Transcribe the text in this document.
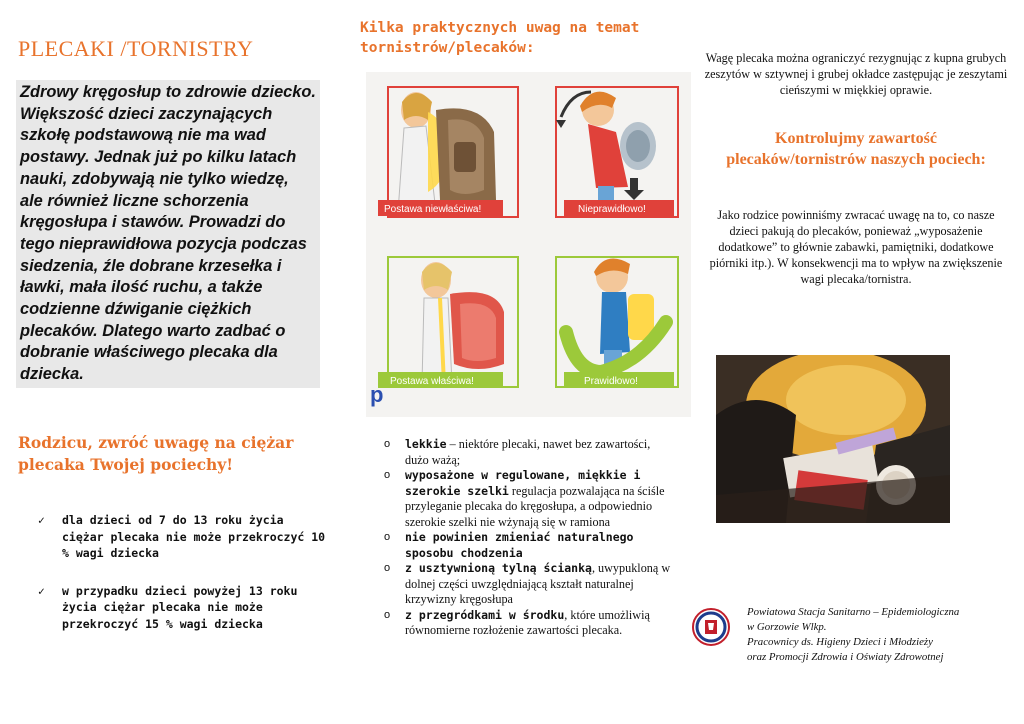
PLECAKI /TORNISTRY
Zdrowy kręgosłup to zdrowie dziecko. Większość dzieci zaczynających szkołę podstawową nie ma wad postawy. Jednak już po kilku latach nauki, zdobywają nie tylko wiedzę, ale również liczne schorzenia kręgosłupa i stawów. Prowadzi do tego nieprawidłowa pozycja podczas siedzenia, źle dobrane krzesełka i ławki, mała ilość ruchu, a także codzienne dźwiganie ciężkich plecaków. Dlatego warto zadbać o dobranie właściwego plecaka dla dziecka.
Rodzicu, zwróć uwagę na ciężar plecaka Twojej pociechy!
✓ dla dzieci od 7 do 13 roku życia ciężar plecaka nie może przekroczyć 10 % wagi dziecka
✓ w przypadku dzieci powyżej 13 roku życia ciężar plecaka nie może przekroczyć 15 % wagi dziecka
Kilka praktycznych uwag na temat tornistrów/plecaków:
Postawa niewłaściwa!	Nieprawidłowo!
Postawa właściwa!	Prawidłowo!
p
o lekkie – niektóre plecaki, nawet bez zawartości, dużo ważą;
o wyposażone w regulowane, miękkie i szerokie szelki regulacja pozwalająca na ściśle przyleganie plecaka do kręgosłupa, a odpowiednio szerokie szelki nie wżynają się w ramiona
o nie powinien zmieniać naturalnego sposobu chodzenia
o z usztywnioną tylną ścianką, uwypukloną w dolnej części uwzględniającą kształt naturalnej krzywizny kręgosłupa
o z przegródkami w środku, które umożliwią równomierne rozłożenie zawartości plecaka.
Wagę plecaka można ograniczyć rezygnując z kupna grubych zeszytów w sztywnej i grubej okładce zastępując je zeszytami cieńszymi w miękkiej oprawie.
Kontrolujmy zawartość plecaków/tornistrów naszych pociech:
Jako rodzice powinniśmy zwracać uwagę na to, co nasze dzieci pakują do plecaków, ponieważ „wyposażenie dodatkowe” to głównie zabawki, pamiętniki, dodatkowe piórniki itp.). W konsekwencji ma to wpływ na zwiększenie wagi plecaka/tornistra.
Powiatowa Stacja Sanitarno – Epidemiologiczna
w Gorzowie Wlkp.
Pracownicy ds. Higieny Dzieci i Młodzieży
oraz Promocji Zdrowia i Oświaty Zdrowotnej
